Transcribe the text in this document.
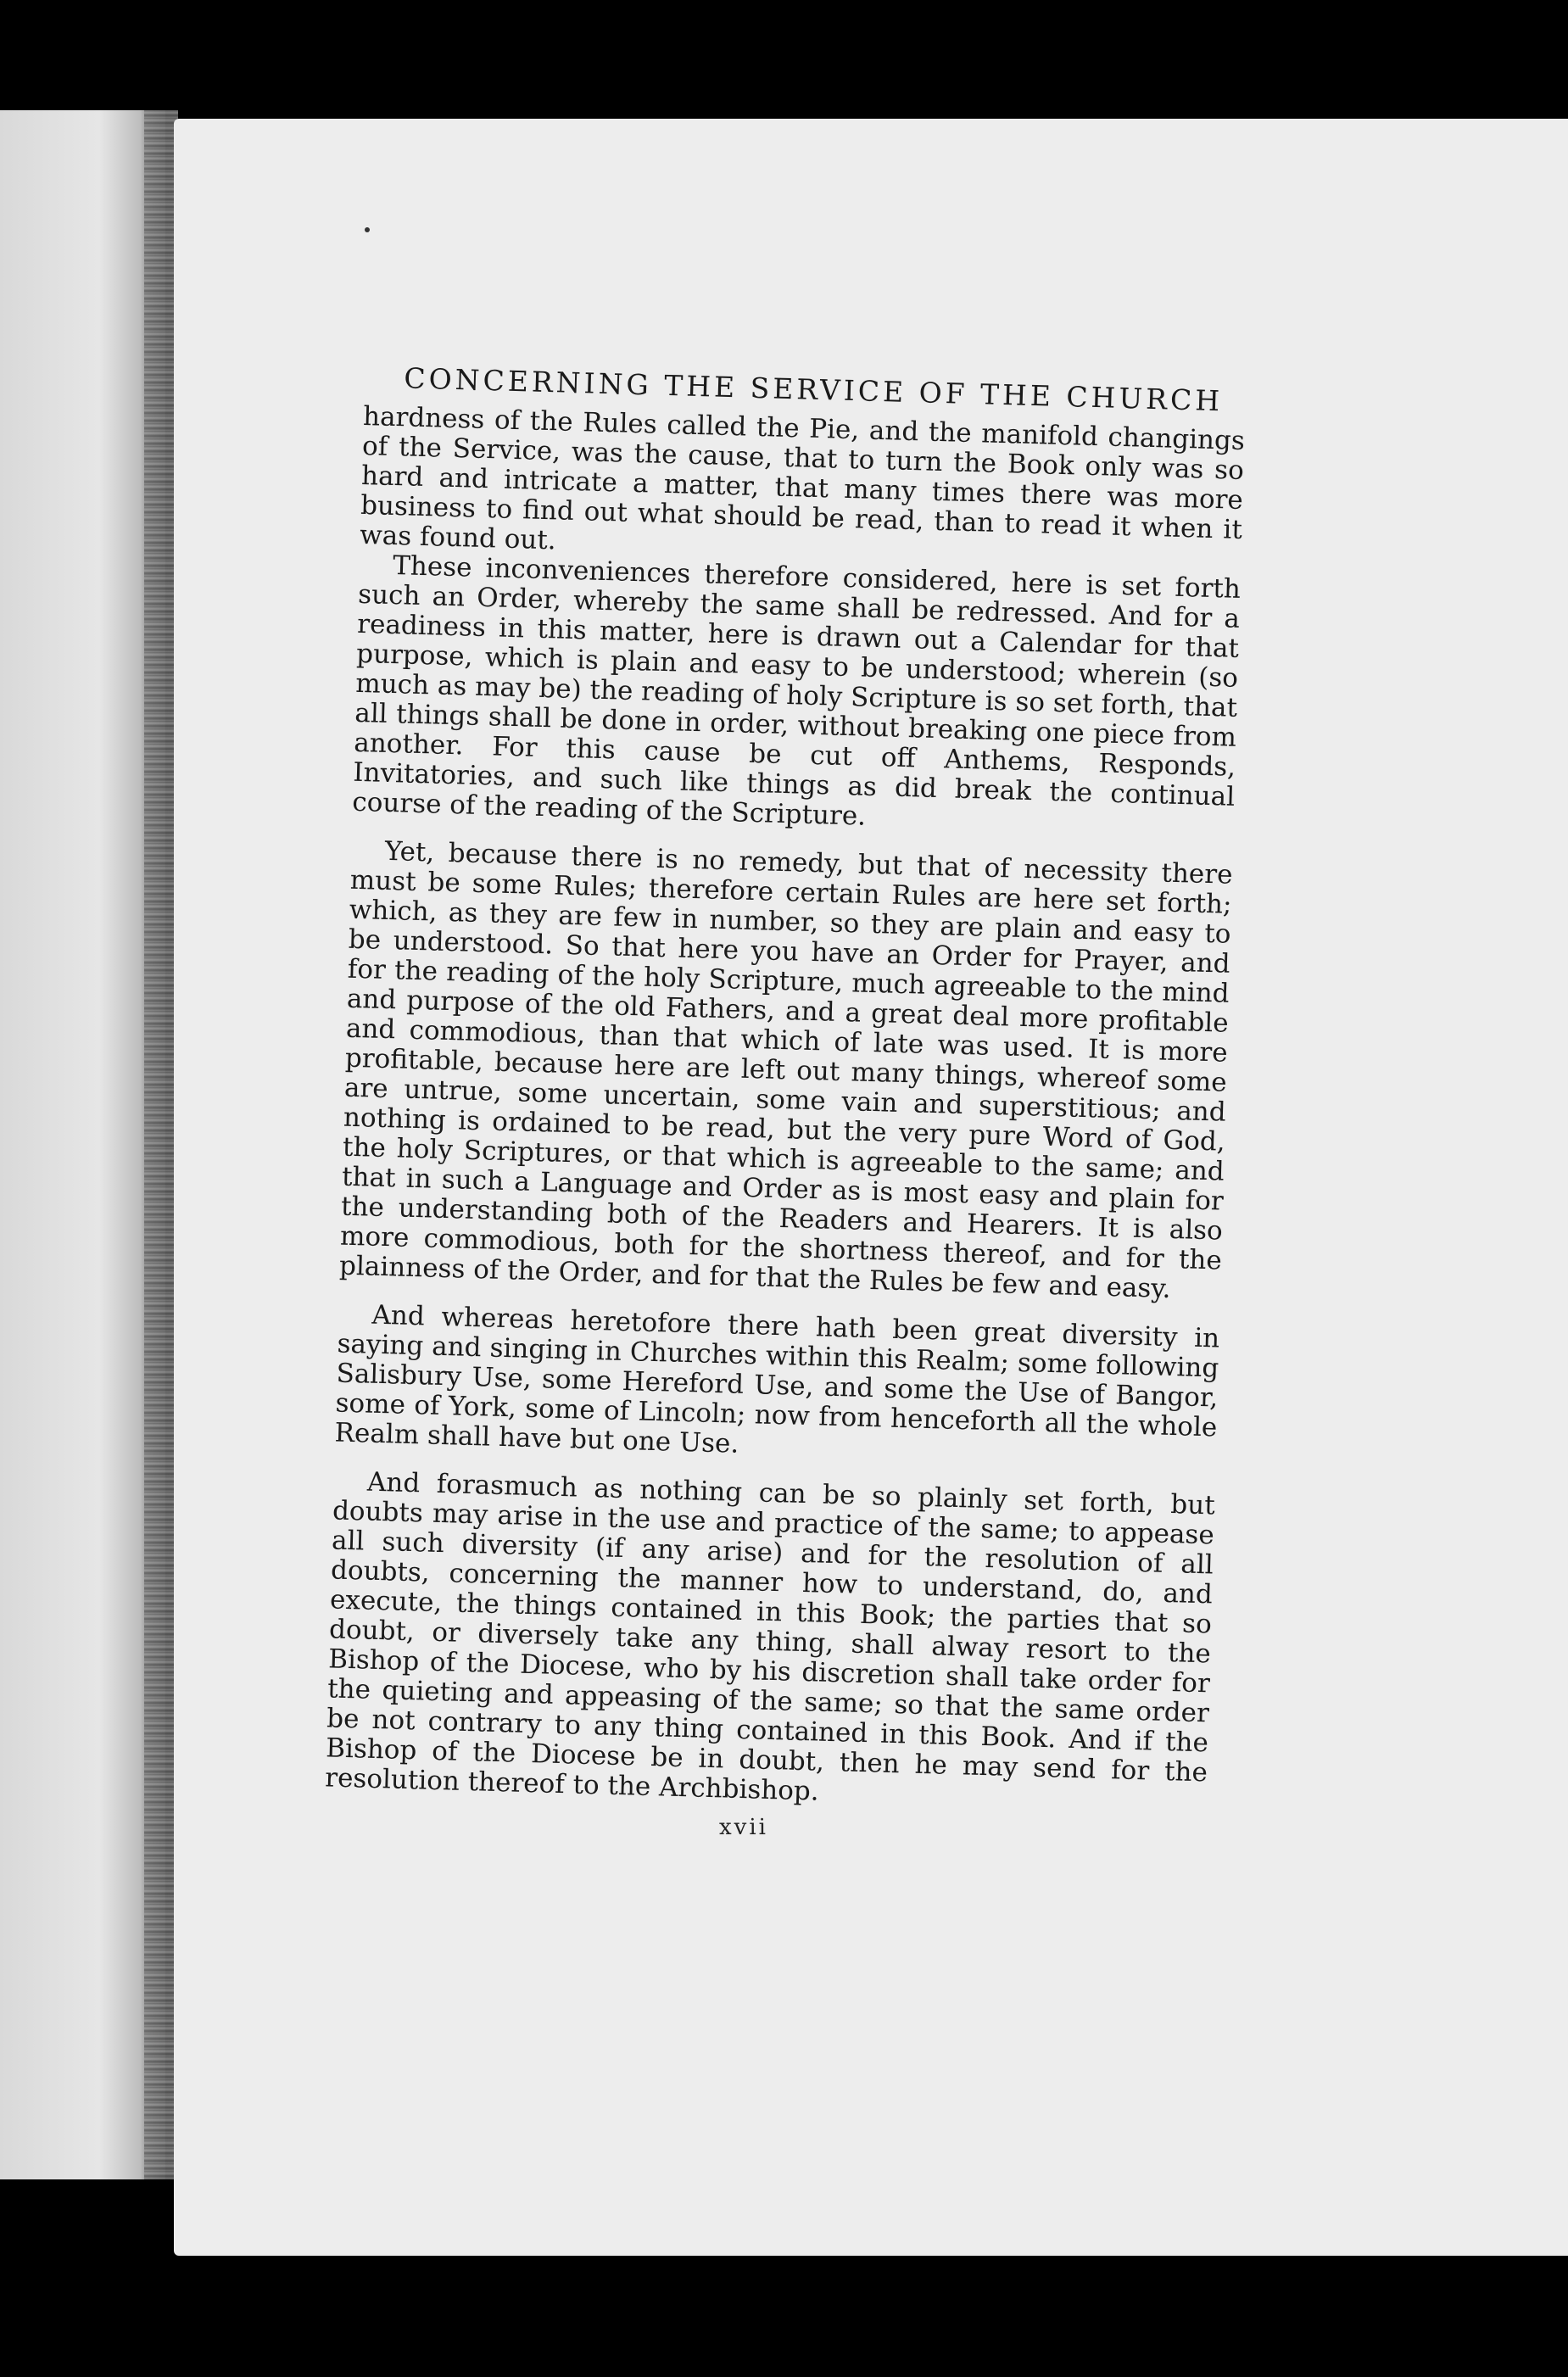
CONCERNING THE SERVICE OF THE CHURCH

hardness of the Rules called the Pie, and the manifold changings of the Service, was the cause, that to turn the Book only was so hard and intricate a matter, that many times there was more business to find out what should be read, than to read it when it was found out.

These inconveniences therefore considered, here is set forth such an Order, whereby the same shall be redressed. And for a readiness in this matter, here is drawn out a Calendar for that purpose, which is plain and easy to be understood; wherein (so much as may be) the reading of holy Scripture is so set forth, that all things shall be done in order, without breaking one piece from another. For this cause be cut off Anthems, Responds, Invitatories, and such like things as did break the continual course of the reading of the Scripture.

Yet, because there is no remedy, but that of necessity there must be some Rules; therefore certain Rules are here set forth; which, as they are few in number, so they are plain and easy to be understood. So that here you have an Order for Prayer, and for the reading of the holy Scripture, much agreeable to the mind and purpose of the old Fathers, and a great deal more profitable and commodious, than that which of late was used. It is more profitable, because here are left out many things, whereof some are untrue, some uncertain, some vain and superstitious; and nothing is ordained to be read, but the very pure Word of God, the holy Scriptures, or that which is agreeable to the same; and that in such a Language and Order as is most easy and plain for the understanding both of the Readers and Hearers. It is also more commodious, both for the shortness thereof, and for the plainness of the Order, and for that the Rules be few and easy.

And whereas heretofore there hath been great diversity in saying and singing in Churches within this Realm; some following Salisbury Use, some Hereford Use, and some the Use of Bangor, some of York, some of Lincoln; now from henceforth all the whole Realm shall have but one Use.

And forasmuch as nothing can be so plainly set forth, but doubts may arise in the use and practice of the same; to appease all such diversity (if any arise) and for the resolution of all doubts, concerning the manner how to understand, do, and execute, the things contained in this Book; the parties that so doubt, or diversely take any thing, shall alway resort to the Bishop of the Diocese, who by his discretion shall take order for the quieting and appeasing of the same; so that the same order be not contrary to any thing contained in this Book. And if the Bishop of the Diocese be in doubt, then he may send for the resolution thereof to the Archbishop.

xvii
